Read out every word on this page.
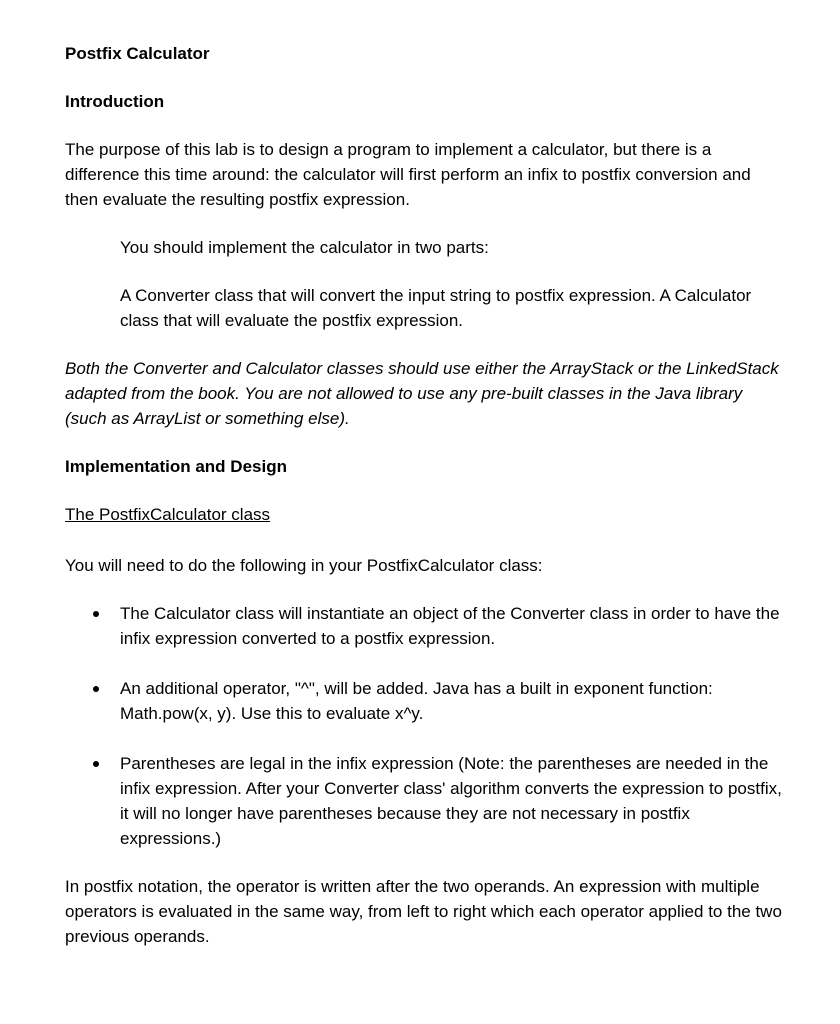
Postfix Calculator

Introduction

The purpose of this lab is to design a program to implement a calculator, but there is a difference this time around: the calculator will first perform an infix to postfix conversion and then evaluate the resulting postfix expression.

You should implement the calculator in two parts:

A Converter class that will convert the input string to postfix expression. A Calculator class that will evaluate the postfix expression.

Both the Converter and Calculator classes should use either the ArrayStack or the LinkedStack adapted from the book. You are not allowed to use any pre-built classes in the Java library (such as ArrayList or something else).

Implementation and Design

The PostfixCalculator class

You will need to do the following in your PostfixCalculator class:

The Calculator class will instantiate an object of the Converter class in order to have the infix expression converted to a postfix expression.
An additional operator, "^", will be added. Java has a built in exponent function: Math.pow(x, y). Use this to evaluate x^y.
Parentheses are legal in the infix expression (Note: the parentheses are needed in the infix expression. After your Converter class' algorithm converts the expression to postfix, it will no longer have parentheses because they are not necessary in postfix expressions.)

In postfix notation, the operator is written after the two operands. An expression with multiple operators is evaluated in the same way, from left to right which each operator applied to the two previous operands.
